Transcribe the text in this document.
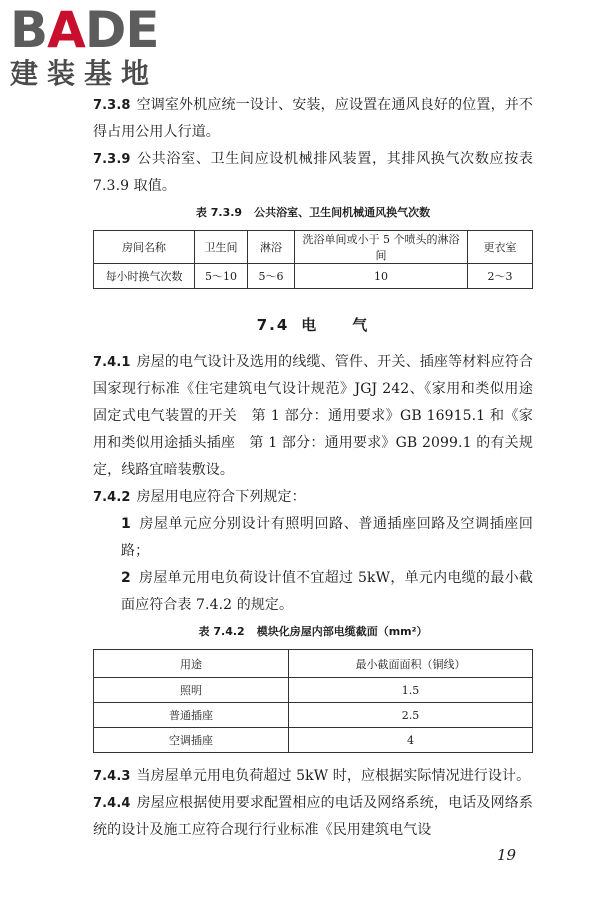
BADE
建装基地

7.3.8 空调室外机应统一设计、安装，应设置在通风良好的位置，并不得占用公用人行道。

7.3.9 公共浴室、卫生间应设机械排风装置，其排风换气次数应按表 7.3.9 取值。

表 7.3.9 公共浴室、卫生间机械通风换气次数
房间名称	卫生间	淋浴	洗浴单间或小于 5 个喷头的淋浴间	更衣室
每小时换气次数	5～10	5～6	10	2～3
7.4 电　　气

7.4.1 房屋的电气设计及选用的线缆、管件、开关、插座等材料应符合国家现行标准《住宅建筑电气设计规范》JGJ 242、《家用和类似用途固定式电气装置的开关　第 1 部分：通用要求》GB 16915.1 和《家用和类似用途插头插座　第 1 部分：通用要求》GB 2099.1 的有关规定，线路宜暗装敷设。

7.4.2 房屋用电应符合下列规定：

1 房屋单元应分别设计有照明回路、普通插座回路及空调插座回路；

2 房屋单元用电负荷设计值不宜超过 5kW，单元内电缆的最小截面应符合表 7.4.2 的规定。

表 7.4.2 模块化房屋内部电缆截面（mm²）
用途	最小截面面积（铜线）
照明	1.5
普通插座	2.5
空调插座	4

7.4.3 当房屋单元用电负荷超过 5kW 时，应根据实际情况进行设计。

7.4.4 房屋应根据使用要求配置相应的电话及网络系统，电话及网络系统的设计及施工应符合现行行业标准《民用建筑电气设

19
